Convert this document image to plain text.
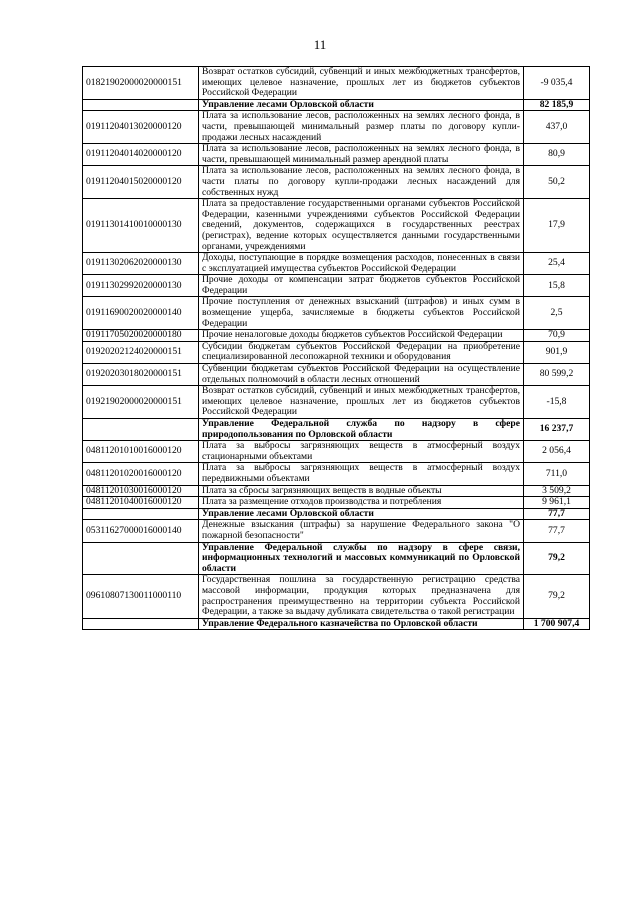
11
01821902000020000151	Возврат остатков субсидий, субвенций и иных межбюджетных трансфертов, имеющих целевое назначение, прошлых лет из бюджетов субъектов Российской Федерации	-9 035,4
	Управление лесами Орловской области	82 185,9
01911204013020000120	Плата за использование лесов, расположенных на землях лесного фонда, в части, превышающей минимальный размер платы по договору купли-продажи лесных насаждений	437,0
01911204014020000120	Плата за использование лесов, расположенных на землях лесного фонда, в части, превышающей минимальный размер арендной платы	80,9
01911204015020000120	Плата за использование лесов, расположенных на землях лесного фонда, в части платы по договору купли-продажи лесных насаждений для собственных нужд	50,2
01911301410010000130	Плата за предоставление государственными органами субъектов Российской Федерации, казенными учреждениями субъектов Российской Федерации сведений, документов, содержащихся в государственных реестрах (регистрах), ведение которых осуществляется данными государственными органами, учреждениями	17,9
01911302062020000130	Доходы, поступающие в порядке возмещения расходов, понесенных в связи с эксплуатацией имущества субъектов Российской Федерации	25,4
01911302992020000130	Прочие доходы от компенсации затрат бюджетов субъектов Российской Федерации	15,8
01911690020020000140	Прочие поступления от денежных взысканий (штрафов) и иных сумм в возмещение ущерба, зачисляемые в бюджеты субъектов Российской Федерации	2,5
01911705020020000180	Прочие неналоговые доходы бюджетов субъектов Российской Федерации	70,9
01920202124020000151	Субсидии бюджетам субъектов Российской Федерации на приобретение специализированной лесопожарной техники и оборудования	901,9
01920203018020000151	Субвенции бюджетам субъектов Российской Федерации на осуществление отдельных полномочий в области лесных отношений	80 599,2
01921902000020000151	Возврат остатков субсидий, субвенций и иных межбюджетных трансфертов, имеющих целевое назначение, прошлых лет из бюджетов субъектов Российской Федерации	-15,8
	Управление Федеральной служба по надзору в сфере природопользования по Орловской области	16 237,7
04811201010016000120	Плата за выбросы загрязняющих веществ в атмосферный воздух стационарными объектами	2 056,4
04811201020016000120	Плата за выбросы загрязняющих веществ в атмосферный воздух передвижными объектами	711,0
04811201030016000120	Плата за сбросы загрязняющих веществ в водные объекты	3 509,2
04811201040016000120	Плата за размещение отходов производства и потребления	9 961,1
	Управление лесами Орловской области	77,7
05311627000016000140	Денежные взыскания (штрафы) за нарушение Федерального закона "О пожарной безопасности"	77,7
	Управление Федеральной службы по надзору в сфере связи, информационных технологий и массовых коммуникаций по Орловской области	79,2
09610807130011000110	Государственная пошлина за государственную регистрацию средства массовой информации, продукция которых предназначена для распространения преимущественно на территории субъекта Российской Федерации, а также за выдачу дубликата свидетельства о такой регистрации	79,2
	Управление Федерального казначейства по Орловской области	1 700 907,4
